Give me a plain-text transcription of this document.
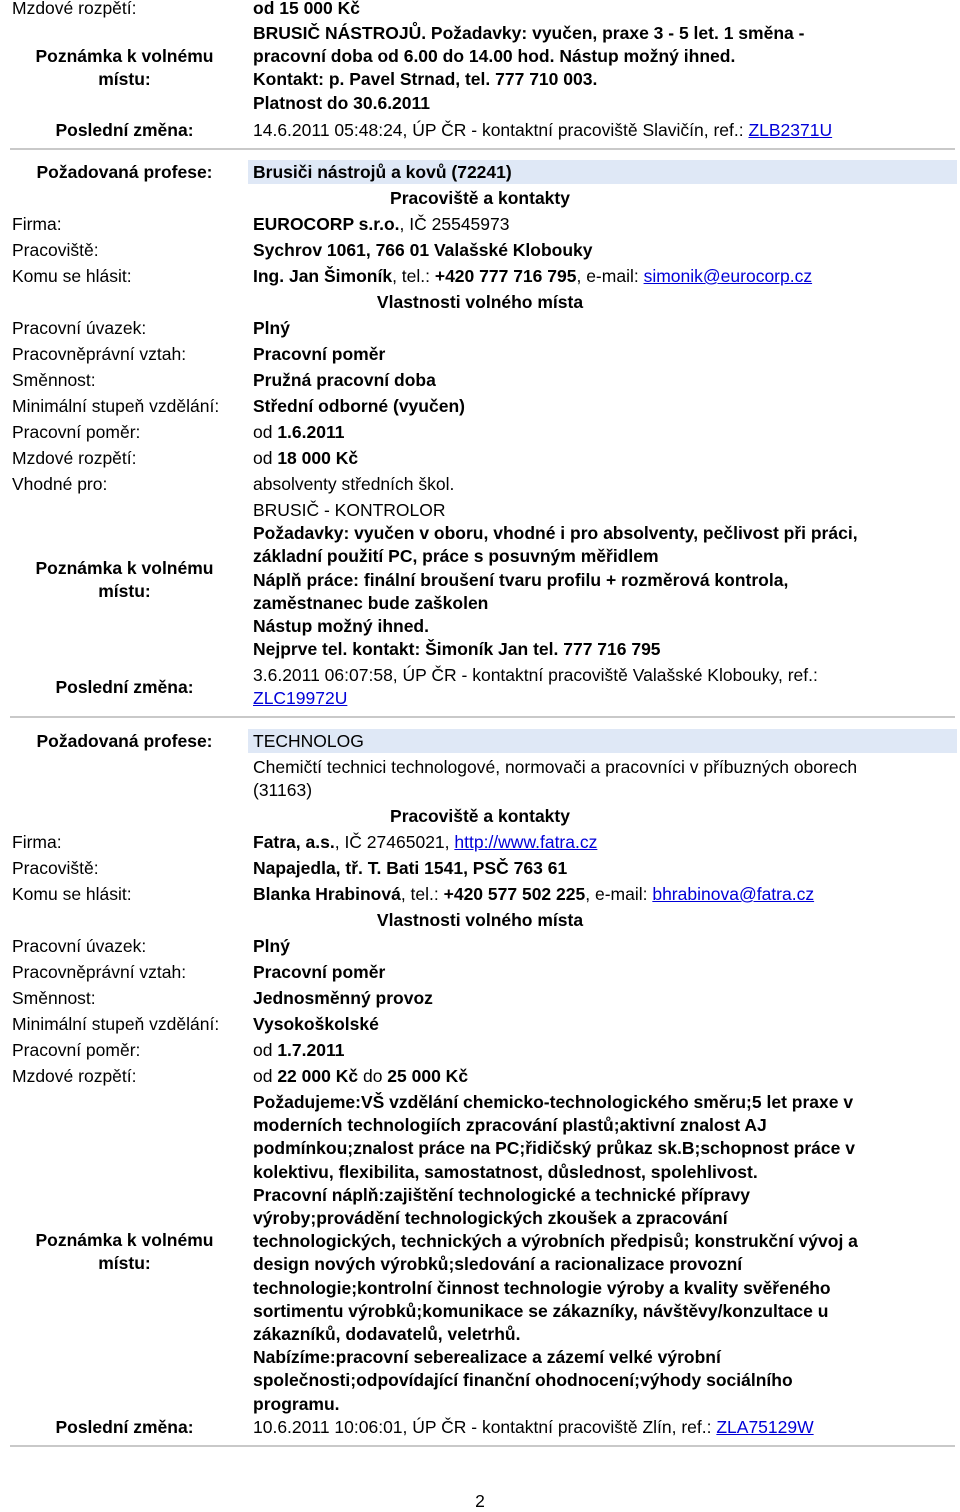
Mzdové rozpětí:	od 15 000 Kč
Poznámka k volnému
místu:
BRUSIČ NÁSTROJŮ. Požadavky: vyučen, praxe 3 - 5 let. 1 směna -
pracovní doba od 6.00 do 14.00 hod. Nástup možný ihned.
Kontakt: p. Pavel Strnad, tel. 777 710 003.
Platnost do 30.6.2011
Poslední změna:	14.6.2011 05:48:24, ÚP ČR - kontaktní pracoviště Slavičín, ref.: ZLB2371U
Požadovaná profese:	Brusiči nástrojů a kovů (72241)
Pracoviště a kontakty
Firma:	EUROCORP s.r.o., IČ 25545973
Pracoviště:	Sychrov 1061, 766 01 Valašské Klobouky
Komu se hlásit:	Ing. Jan Šimoník, tel.: +420 777 716 795, e-mail: simonik@eurocorp.cz
Vlastnosti volného místa
Pracovní úvazek:	Plný
Pracovněprávní vztah:	Pracovní poměr
Směnnost:	Pružná pracovní doba
Minimální stupeň vzdělání: Střední odborné (vyučen)
Pracovní poměr:	od 1.6.2011
Mzdové rozpětí:	od 18 000 Kč
Vhodné pro:	absolventy středních škol.
Poznámka k volnému
místu:
BRUSIČ - KONTROLOR
Požadavky: vyučen v oboru, vhodné i pro absolventy, pečlivost při práci,
základní použití PC, práce s posuvným měřidlem
Náplň práce: finální broušení tvaru profilu + rozměrová kontrola,
zaměstnanec bude zaškolen
Nástup možný ihned.
Nejprve tel. kontakt: Šimoník Jan tel. 777 716 795
Poslední změna:
3.6.2011 06:07:58, ÚP ČR - kontaktní pracoviště Valašské Klobouky, ref.:
ZLC19972U
Požadovaná profese:	TECHNOLOG
Chemičtí technici technologové, normovači a pracovníci v příbuzných oborech
(31163)
Pracoviště a kontakty
Firma:	Fatra, a.s., IČ 27465021, http://www.fatra.cz
Pracoviště:	Napajedla, tř. T. Bati 1541, PSČ 763 61
Komu se hlásit:	Blanka Hrabinová, tel.: +420 577 502 225, e-mail: bhrabinova@fatra.cz
Vlastnosti volného místa
Pracovní úvazek:	Plný
Pracovněprávní vztah:	Pracovní poměr
Směnnost:	Jednosměnný provoz
Minimální stupeň vzdělání: Vysokoškolské
Pracovní poměr:	od 1.7.2011
Mzdové rozpětí:	od 22 000 Kč do 25 000 Kč
Poznámka k volnému
místu:
Požadujeme:VŠ vzdělání chemicko-technologického směru;5 let praxe v
moderních technologiích zpracování plastů;aktivní znalost AJ
podmínkou;znalost práce na PC;řidičský průkaz sk.B;schopnost práce v
kolektivu, flexibilita, samostatnost, důslednost, spolehlivost.
Pracovní náplň:zajištění technologické a technické přípravy
výroby;provádění technologických zkoušek a zpracování
technologických, technických a výrobních předpisů; konstrukční vývoj a
design nových výrobků;sledování a racionalizace provozní
technologie;kontrolní činnost technologie výroby a kvality svěřeného
sortimentu výrobků;komunikace se zákazníky, návštěvy/konzultace u
zákazníků, dodavatelů, veletrhů.
Nabízíme:pracovní seberealizace a zázemí velké výrobní
společnosti;odpovídající finanční ohodnocení;výhody sociálního
programu.
Poslední změna:	10.6.2011 10:06:01, ÚP ČR - kontaktní pracoviště Zlín, ref.: ZLA75129W
2
